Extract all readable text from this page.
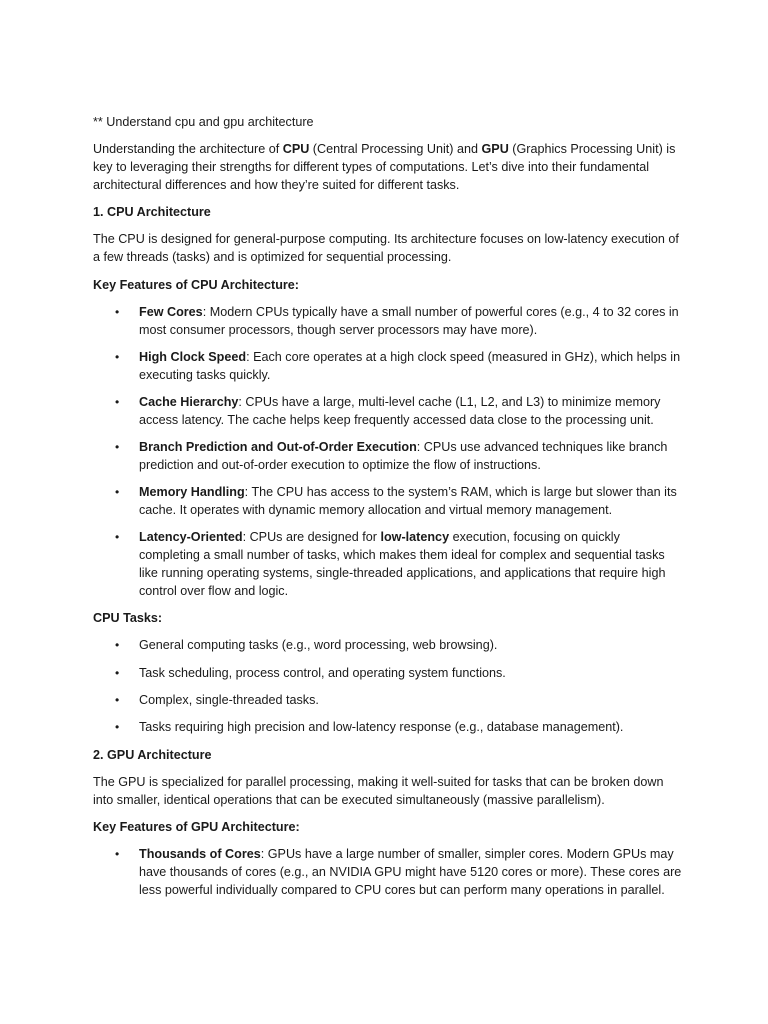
** Understand cpu and gpu architecture

Understanding the architecture of CPU (Central Processing Unit) and GPU (Graphics Processing Unit) is key to leveraging their strengths for different types of computations. Let’s dive into their fundamental architectural differences and how they’re suited for different tasks.

1. CPU Architecture

The CPU is designed for general-purpose computing. Its architecture focuses on low-latency execution of a few threads (tasks) and is optimized for sequential processing.

Key Features of CPU Architecture:

• Few Cores: Modern CPUs typically have a small number of powerful cores (e.g., 4 to 32 cores in most consumer processors, though server processors may have more).
• High Clock Speed: Each core operates at a high clock speed (measured in GHz), which helps in executing tasks quickly.
• Cache Hierarchy: CPUs have a large, multi-level cache (L1, L2, and L3) to minimize memory access latency. The cache helps keep frequently accessed data close to the processing unit.
• Branch Prediction and Out-of-Order Execution: CPUs use advanced techniques like branch prediction and out-of-order execution to optimize the flow of instructions.
• Memory Handling: The CPU has access to the system’s RAM, which is large but slower than its cache. It operates with dynamic memory allocation and virtual memory management.
• Latency-Oriented: CPUs are designed for low-latency execution, focusing on quickly completing a small number of tasks, which makes them ideal for complex and sequential tasks like running operating systems, single-threaded applications, and applications that require high control over flow and logic.

CPU Tasks:

• General computing tasks (e.g., word processing, web browsing).
• Task scheduling, process control, and operating system functions.
• Complex, single-threaded tasks.
• Tasks requiring high precision and low-latency response (e.g., database management).

2. GPU Architecture

The GPU is specialized for parallel processing, making it well-suited for tasks that can be broken down into smaller, identical operations that can be executed simultaneously (massive parallelism).

Key Features of GPU Architecture:

• Thousands of Cores: GPUs have a large number of smaller, simpler cores. Modern GPUs may have thousands of cores (e.g., an NVIDIA GPU might have 5120 cores or more). These cores are less powerful individually compared to CPU cores but can perform many operations in parallel.
